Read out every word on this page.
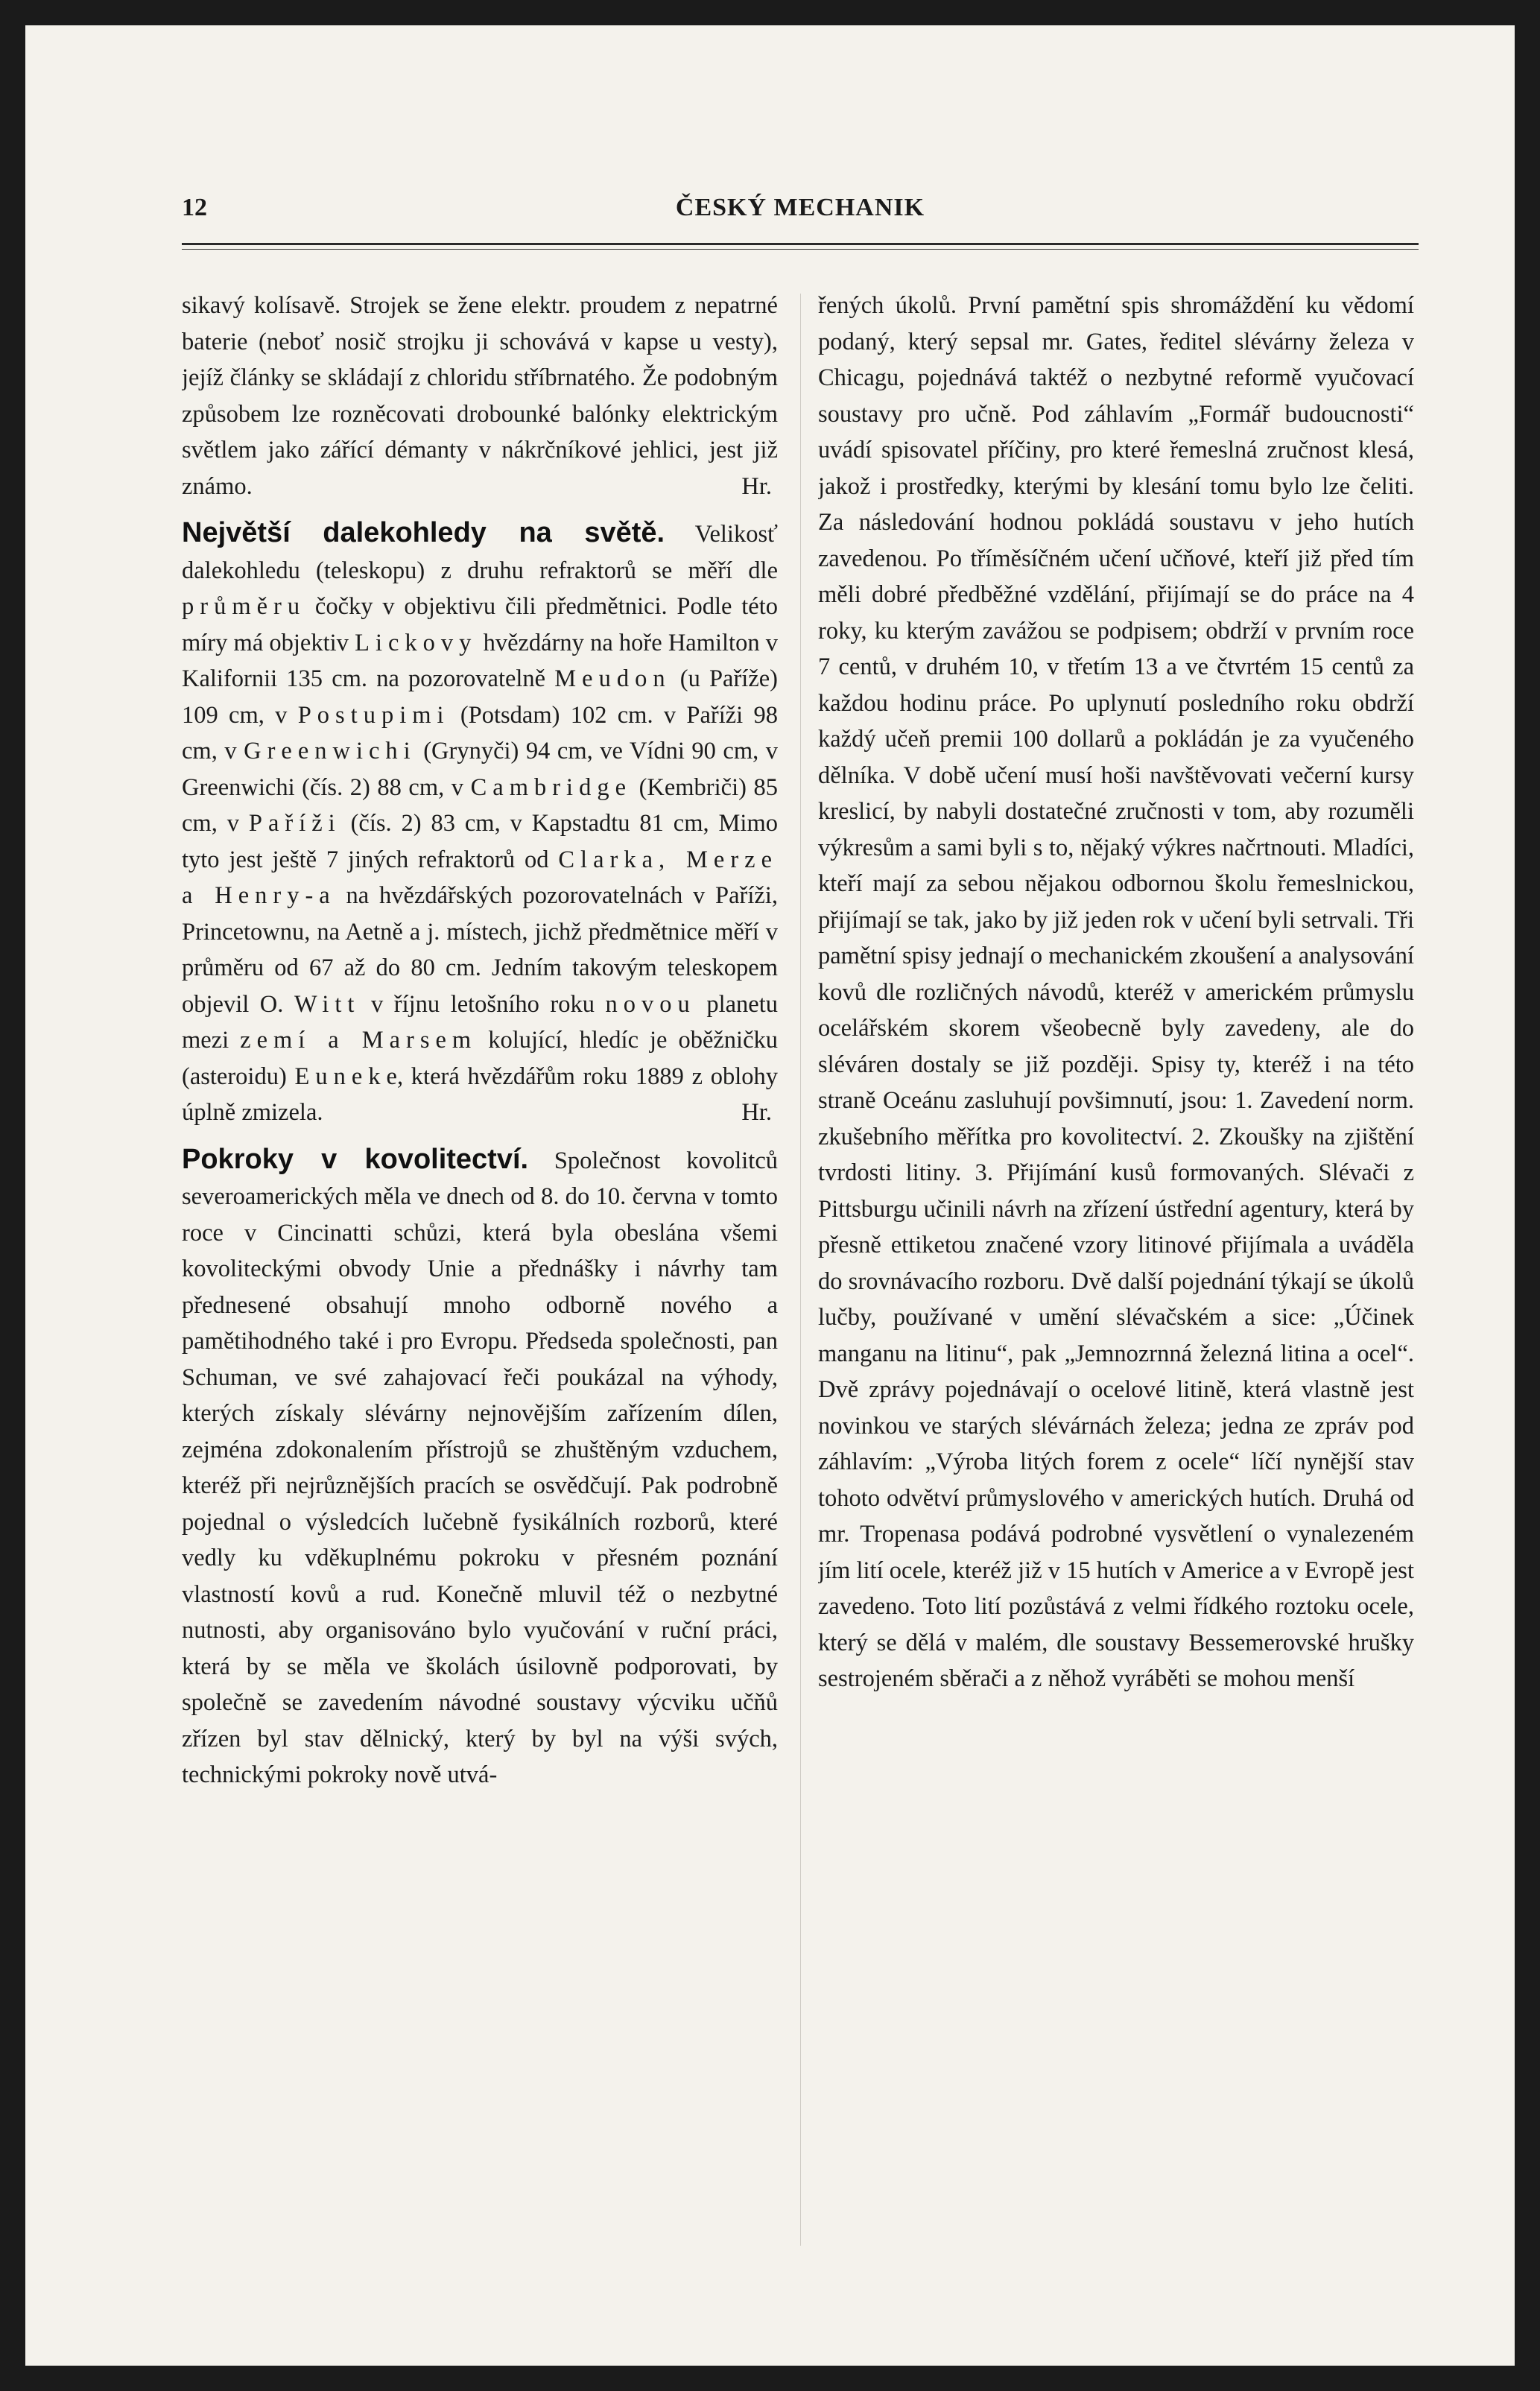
12	ČESKÝ MECHANIK

sikavý kolísavě. Strojek se žene elektr. proudem z nepatrné baterie (neboť nosič strojku ji schovává v kapse u vesty), jejíž články se skládají z chloridu stříbrnatého. Že podobným způsobem lze rozněcovati drobounké balónky elektrickým světlem jako zářící démanty v nákrčníkové jehlici, jest již známo.	Hr.

Největší dalekohledy na světě. Velikosť dalekohledu (teleskopu) z druhu refraktorů se měří dle průměru čočky v objektivu čili předmětnici. Podle této míry má objektiv Lickovy hvězdárny na hoře Hamilton v Kalifornii 135 cm. na pozorovatelně Meudon (u Paříže) 109 cm, v Postupimi (Potsdam) 102 cm. v Paříži 98 cm, v Greenwichi (Grynyči) 94 cm, ve Vídni 90 cm, v Greenwichi (čís. 2) 88 cm, v Cambridge (Kembriči) 85 cm, v Paříži (čís. 2) 83 cm, v Kapstadtu 81 cm, Mimo tyto jest ještě 7 jiných refraktorů od Clarka, Merze a Henry-a na hvězdářských pozorovatelnách v Paříži, Princetownu, na Aetně a j. místech, jichž předmětnice měří v průměru od 67 až do 80 cm. Jedním takovým teleskopem objevil O. Witt v říjnu letošního roku novou planetu mezi zemí a Marsem kolující, hledíc je oběžničku (asteroidu) Euneke, která hvězdářům roku 1889 z oblohy úplně zmizela.	Hr.

Pokroky v kovolitectví. Společnost kovolitců severoamerických měla ve dnech od 8. do 10. června v tomto roce v Cincinatti schůzi, která byla obeslána všemi kovoliteckými obvody Unie a přednášky i návrhy tam přednesené obsahují mnoho odborně nového a pamětihodného také i pro Evropu. Předseda společnosti, pan Schuman, ve své zahajovací řeči poukázal na výhody, kterých získaly slévárny nejnovějším zařízením dílen, zejména zdokonalením přístrojů se zhuštěným vzduchem, kteréž při nejrůznějších pracích se osvědčují. Pak podrobně pojednal o výsledcích lučebně fysikálních rozborů, které vedly ku vděkuplnému pokroku v přesném poznání vlastností kovů a rud. Konečně mluvil též o nezbytné nutnosti, aby organisováno bylo vyučování v ruční práci, která by se měla ve školách úsilovně podporovati, by společně se zavedením návodné soustavy výcviku učňů zřízen byl stav dělnický, který by byl na výši svých, technickými pokroky nově utvá-

řených úkolů. První pamětní spis shromáždění ku vědomí podaný, který sepsal mr. Gates, ředitel slévárny železa v Chicagu, pojednává taktéž o nezbytné reformě vyučovací soustavy pro učně. Pod záhlavím „Formář budoucnosti“ uvádí spisovatel příčiny, pro které řemeslná zručnost klesá, jakož i prostředky, kterými by klesání tomu bylo lze čeliti. Za následování hodnou pokládá soustavu v jeho hutích zavedenou. Po tříměsíčném učení učňové, kteří již před tím měli dobré předběžné vzdělání, přijímají se do práce na 4 roky, ku kterým zavážou se podpisem; obdrží v prvním roce 7 centů, v druhém 10, v třetím 13 a ve čtvrtém 15 centů za každou hodinu práce. Po uplynutí posledního roku obdrží každý učeň premii 100 dollarů a pokládán je za vyučeného dělníka. V době učení musí hoši navštěvovati večerní kursy kreslicí, by nabyli dostatečné zručnosti v tom, aby rozuměli výkresům a sami byli s to, nějaký výkres načrtnouti. Mladíci, kteří mají za sebou nějakou odbornou školu řemeslnickou, přijímají se tak, jako by již jeden rok v učení byli setrvali. Tři pamětní spisy jednají o mechanickém zkoušení a analysování kovů dle rozličných návodů, kteréž v americkém průmyslu ocelářském skorem všeobecně byly zavedeny, ale do sléváren dostaly se již později. Spisy ty, kteréž i na této straně Oceánu zasluhují povšimnutí, jsou: 1. Zavedení norm. zkušebního měřítka pro kovolitectví. 2. Zkoušky na zjištění tvrdosti litiny. 3. Přijímání kusů formovaných. Slévači z Pittsburgu učinili návrh na zřízení ústřední agentury, která by přesně ettiketou značené vzory litinové přijímala a uváděla do srovnávacího rozboru. Dvě další pojednání týkají se úkolů lučby, používané v umění slévačském a sice: „Účinek manganu na litinu“, pak „Jemnozrnná železná litina a ocel“. Dvě zprávy pojednávají o ocelové litině, která vlastně jest novinkou ve starých slévárnách železa; jedna ze zpráv pod záhlavím: „Výroba litých forem z ocele“ líčí nynější stav tohoto odvětví průmyslového v amerických hutích. Druhá od mr. Tropenasa podává podrobné vysvětlení o vynalezeném jím lití ocele, kteréž již v 15 hutích v Americe a v Evropě jest zavedeno. Toto lití pozůstává z velmi řídkého roztoku ocele, který se dělá v malém, dle soustavy Bessemerovské hrušky sestrojeném sběrači a z něhož vyráběti se mohou menší
